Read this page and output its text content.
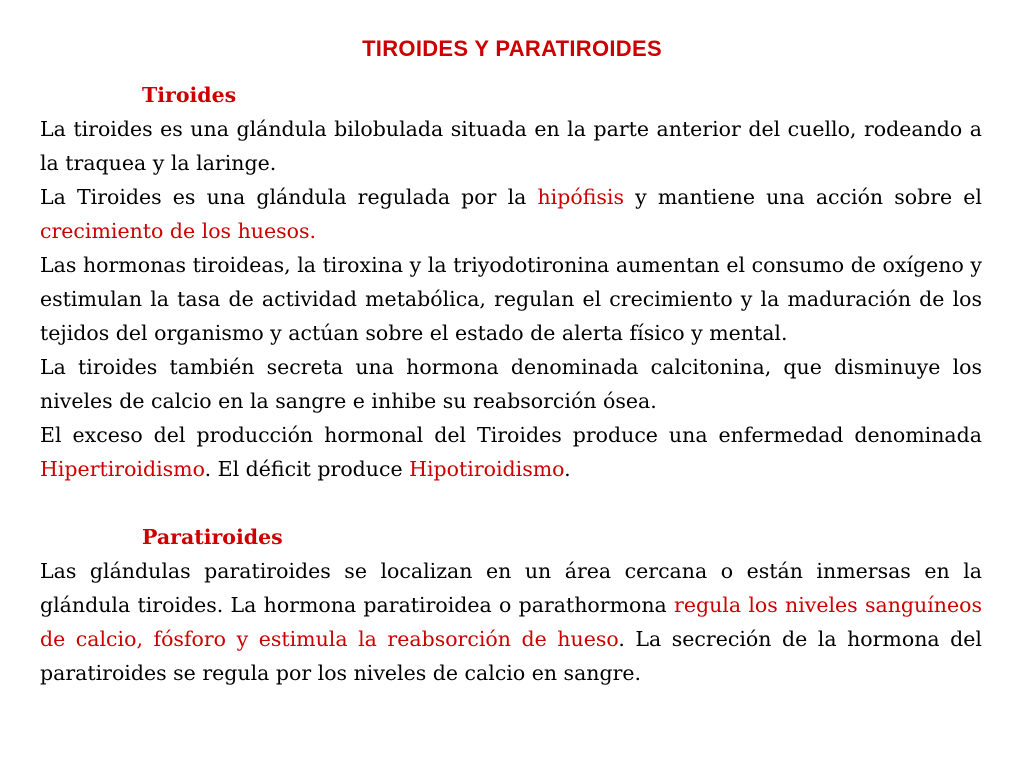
TIROIDES Y PARATIROIDES
Tiroides

La tiroides es una glándula bilobulada situada en la parte anterior del cuello, rodeando a la traquea y la laringe.

La Tiroides es una glándula regulada por la hipófisis y mantiene una acción sobre el crecimiento de los huesos.

Las hormonas tiroideas, la tiroxina y la triyodotironina aumentan el consumo de oxígeno y estimulan la tasa de actividad metabólica, regulan el crecimiento y la maduración de los tejidos del organismo y actúan sobre el estado de alerta físico y mental.

La tiroides también secreta una hormona denominada calcitonina, que disminuye los niveles de calcio en la sangre e inhibe su reabsorción ósea.

El exceso del producción hormonal del Tiroides produce una enfermedad denominada Hipertiroidismo. El déficit produce Hipotiroidismo.

Paratiroides

Las glándulas paratiroides se localizan en un área cercana o están inmersas en la glándula tiroides. La hormona paratiroidea o parathormona regula los niveles sanguíneos de calcio, fósforo y estimula la reabsorción de hueso. La secreción de la hormona del paratiroides se regula por los niveles de calcio en sangre.
